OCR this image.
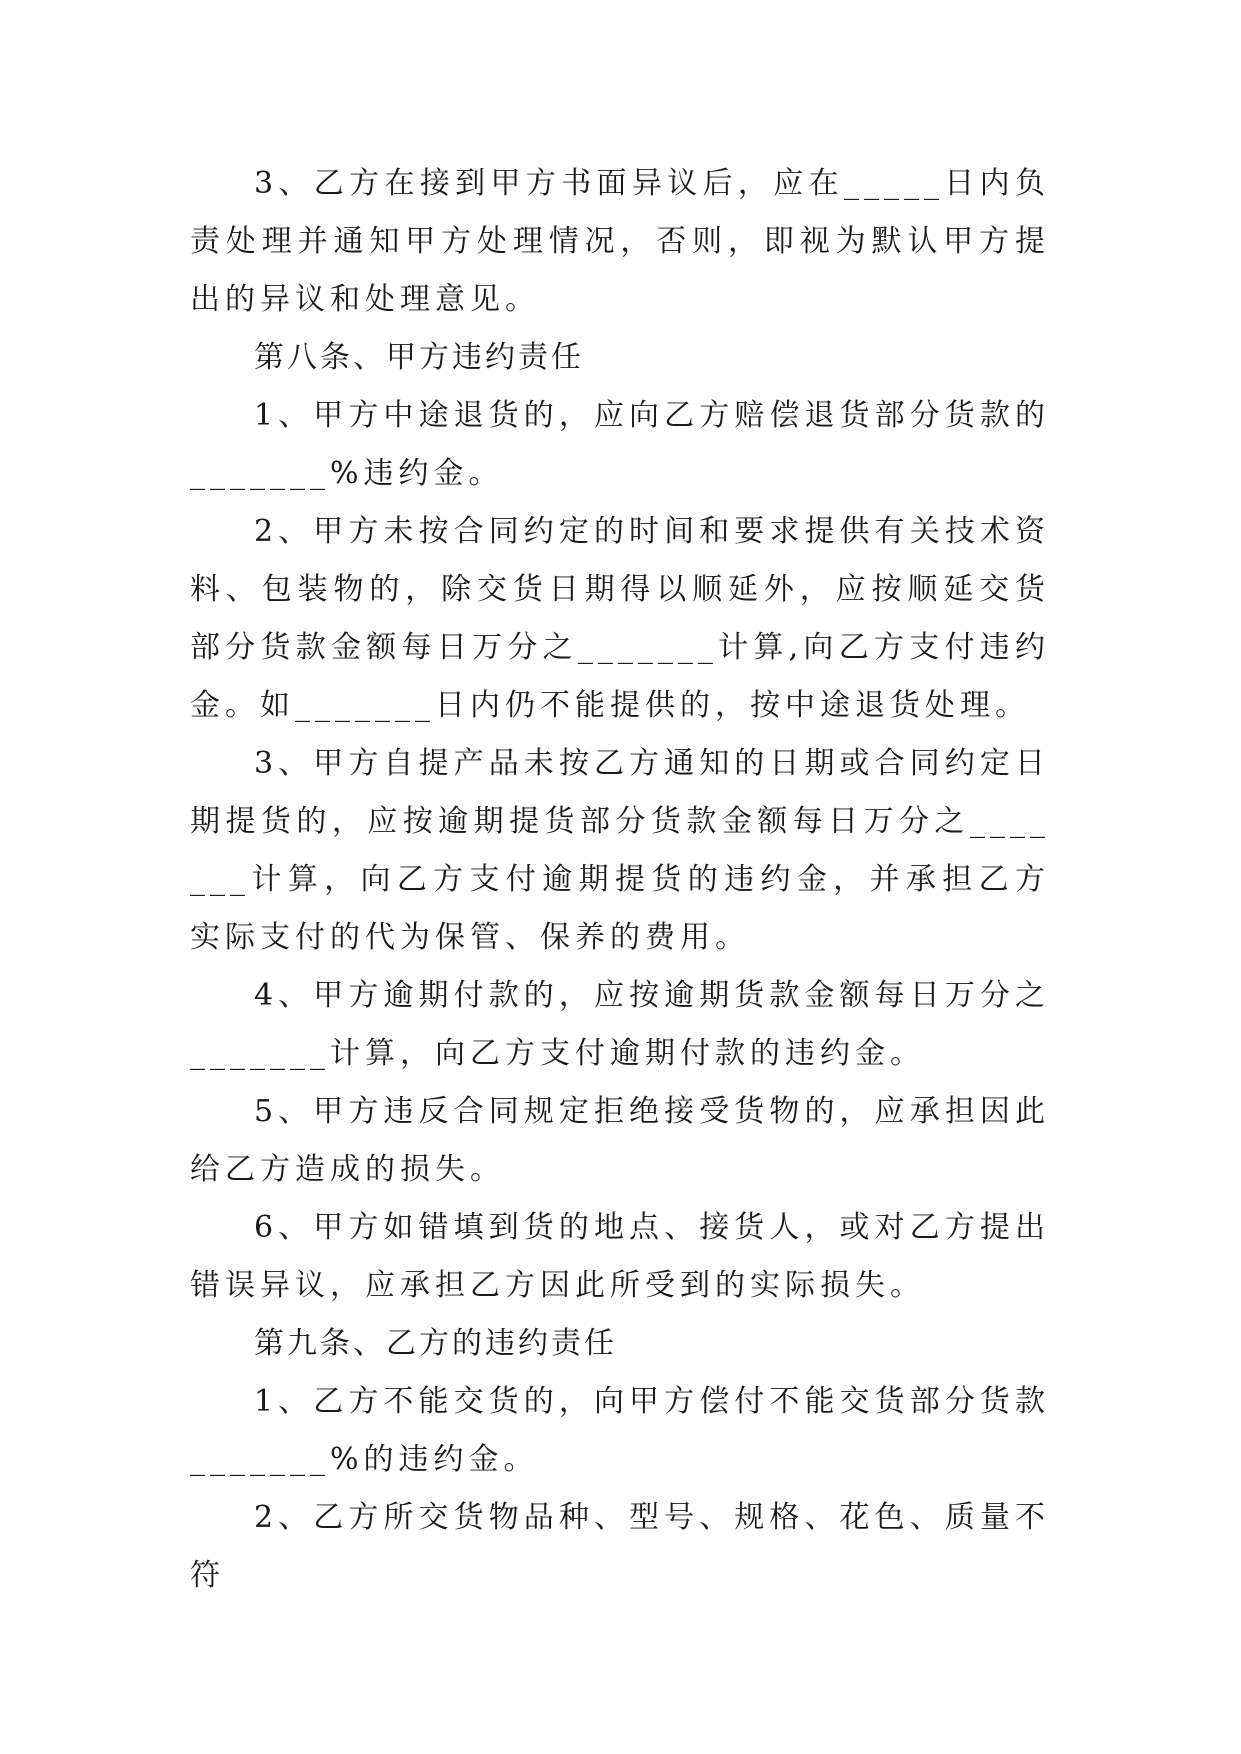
3、乙方在接到甲方书面异议后，应在_____日内负责处理并通知甲方处理情况，否则，即视为默认甲方提出的异议和处理意见。

第八条、甲方违约责任

1、甲方中途退货的，应向乙方赔偿退货部分货款的_______%违约金。

2、甲方未按合同约定的时间和要求提供有关技术资料、包装物的，除交货日期得以顺延外，应按顺延交货部分货款金额每日万分之_______计算,向乙方支付违约金。如_______日内仍不能提供的，按中途退货处理。

3、甲方自提产品未按乙方通知的日期或合同约定日期提货的，应按逾期提货部分货款金额每日万分之_______计算，向乙方支付逾期提货的违约金，并承担乙方实际支付的代为保管、保养的费用。

4、甲方逾期付款的，应按逾期货款金额每日万分之_______计算，向乙方支付逾期付款的违约金。

5、甲方违反合同规定拒绝接受货物的，应承担因此给乙方造成的损失。

6、甲方如错填到货的地点、接货人，或对乙方提出错误异议，应承担乙方因此所受到的实际损失。

第九条、乙方的违约责任

1、乙方不能交货的，向甲方偿付不能交货部分货款_______%的违约金。

2、乙方所交货物品种、型号、规格、花色、质量不符
